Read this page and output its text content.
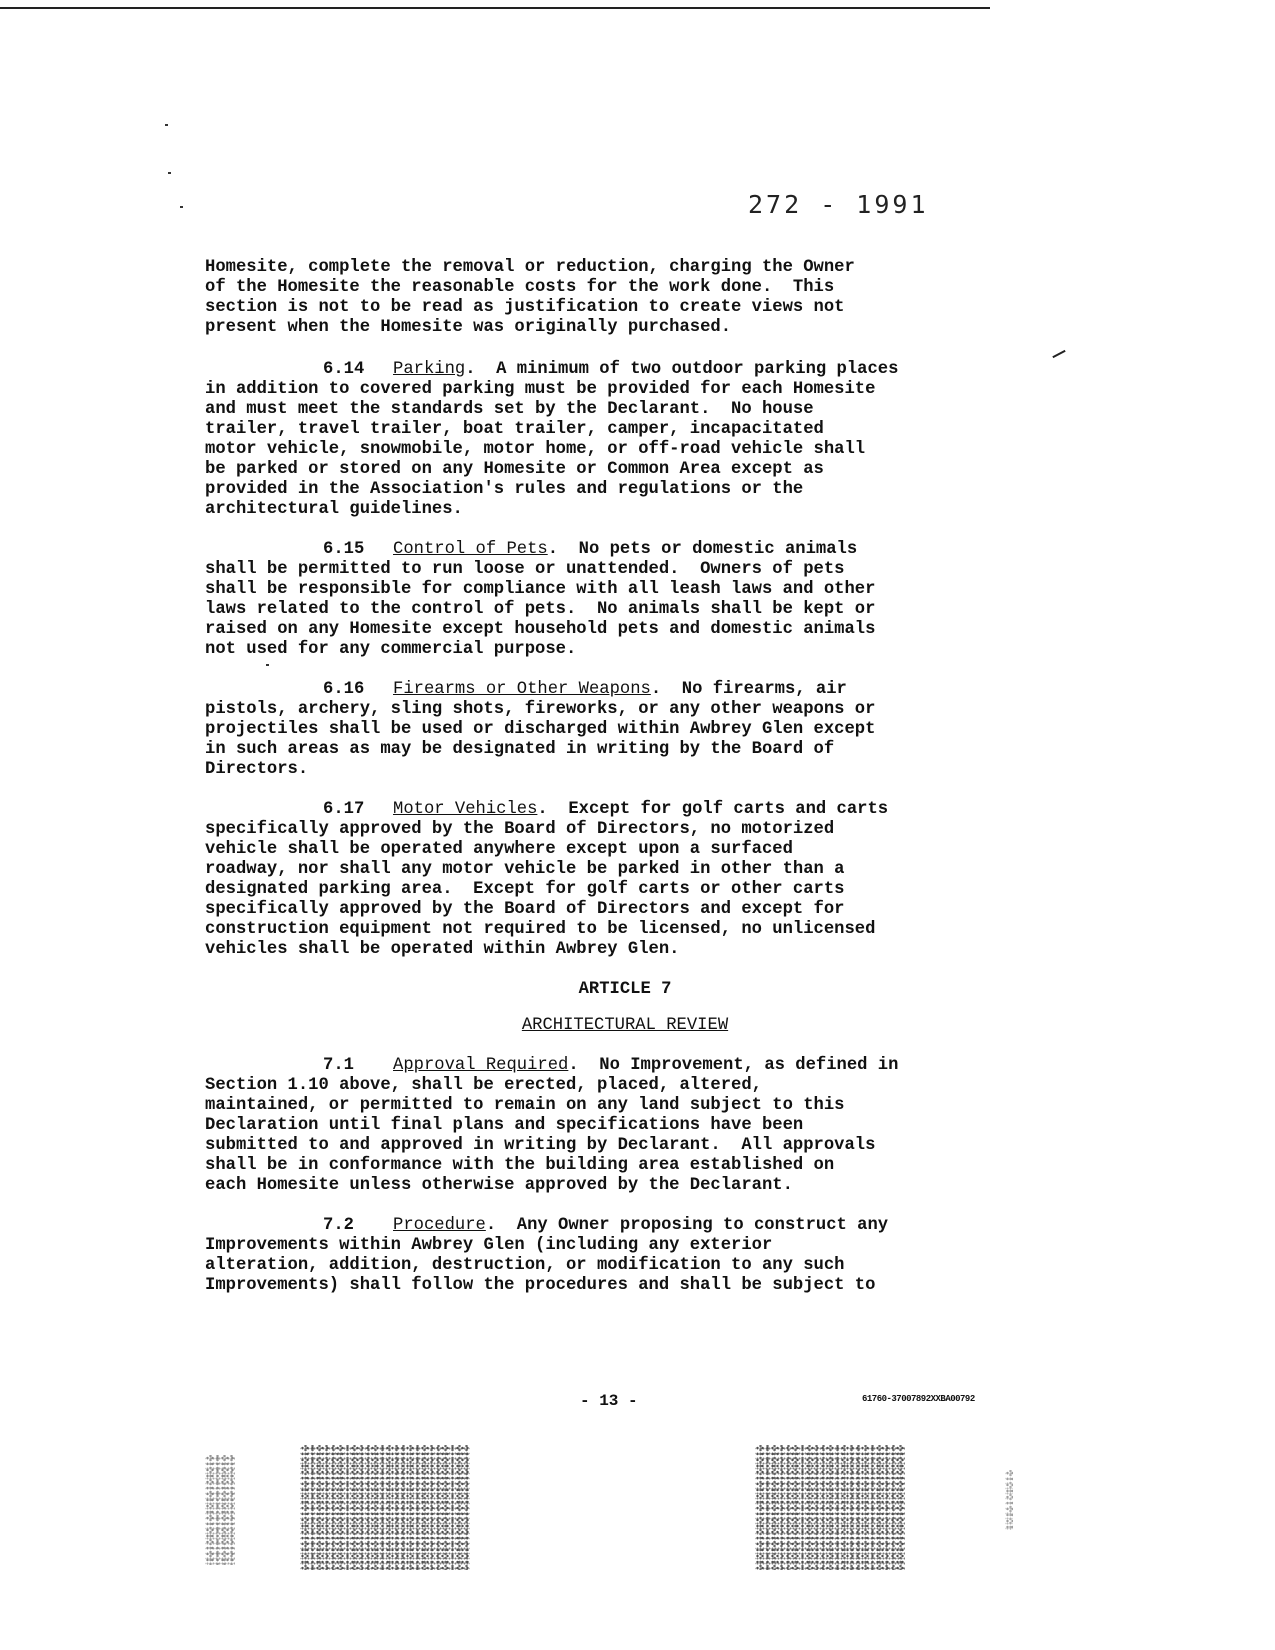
272 - 1991

Homesite, complete the removal or reduction, charging the Owner
of the Homesite the reasonable costs for the work done.  This
section is not to be read as justification to create views not
present when the Homesite was originally purchased.

6.14 Parking.  A minimum of two outdoor parking places
in addition to covered parking must be provided for each Homesite
and must meet the standards set by the Declarant.  No house
trailer, travel trailer, boat trailer, camper, incapacitated
motor vehicle, snowmobile, motor home, or off-road vehicle shall
be parked or stored on any Homesite or Common Area except as
provided in the Association's rules and regulations or the
architectural guidelines.

6.15 Control of Pets.  No pets or domestic animals
shall be permitted to run loose or unattended.  Owners of pets
shall be responsible for compliance with all leash laws and other
laws related to the control of pets.  No animals shall be kept or
raised on any Homesite except household pets and domestic animals
not used for any commercial purpose.

6.16 Firearms or Other Weapons.  No firearms, air
pistols, archery, sling shots, fireworks, or any other weapons or
projectiles shall be used or discharged within Awbrey Glen except
in such areas as may be designated in writing by the Board of
Directors.

6.17 Motor Vehicles.  Except for golf carts and carts
specifically approved by the Board of Directors, no motorized
vehicle shall be operated anywhere except upon a surfaced
roadway, nor shall any motor vehicle be parked in other than a
designated parking area.  Except for golf carts or other carts
specifically approved by the Board of Directors and except for
construction equipment not required to be licensed, no unlicensed
vehicles shall be operated within Awbrey Glen.

ARTICLE 7
ARCHITECTURAL REVIEW

7.1 Approval Required.  No Improvement, as defined in
Section 1.10 above, shall be erected, placed, altered,
maintained, or permitted to remain on any land subject to this
Declaration until final plans and specifications have been
submitted to and approved in writing by Declarant.  All approvals
shall be in conformance with the building area established on
each Homesite unless otherwise approved by the Declarant.

7.2 Procedure.  Any Owner proposing to construct any
Improvements within Awbrey Glen (including any exterior
alteration, addition, destruction, or modification to any such
Improvements) shall follow the procedures and shall be subject to

- 13 -	61760-37007892XXBA00792
